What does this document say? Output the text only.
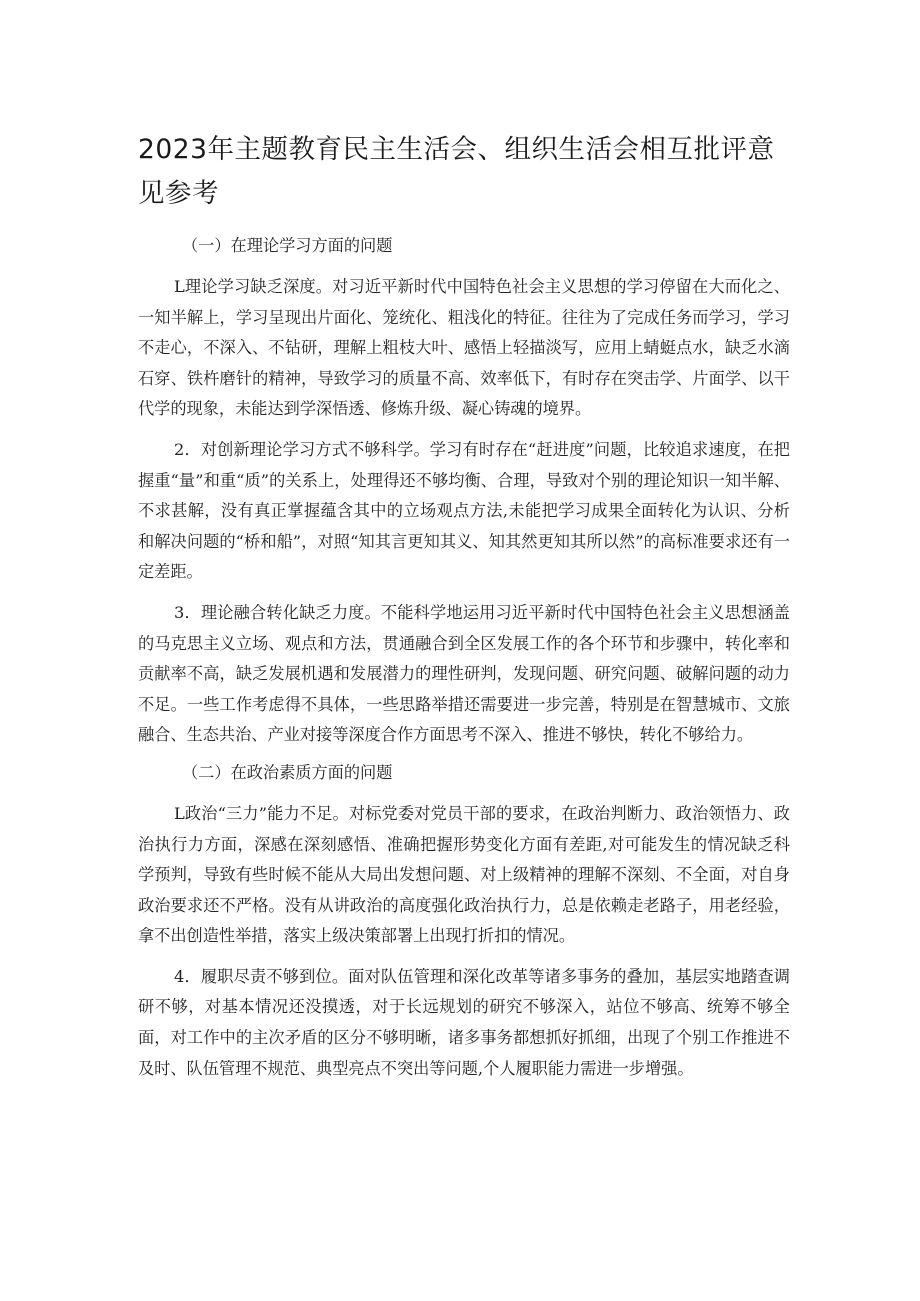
2023年主题教育民主生活会、组织生活会相互批评意见参考
（一）在理论学习方面的问题

L理论学习缺乏深度。对习近平新时代中国特色社会主义思想的学习停留在大而化之、一知半解上，学习呈现出片面化、笼统化、粗浅化的特征。往往为了完成任务而学习，学习不走心，不深入、不钻研，理解上粗枝大叶、感悟上轻描淡写，应用上蜻蜓点水，缺乏水滴石穿、铁杵磨针的精神，导致学习的质量不高、效率低下，有时存在突击学、片面学、以干代学的现象，未能达到学深悟透、修炼升级、凝心铸魂的境界。

2．对创新理论学习方式不够科学。学习有时存在“赶进度”问题，比较追求速度，在把握重“量”和重“质”的关系上，处理得还不够均衡、合理，导致对个别的理论知识一知半解、不求甚解，没有真正掌握蕴含其中的立场观点方法,未能把学习成果全面转化为认识、分析和解决问题的“桥和船”，对照“知其言更知其义、知其然更知其所以然”的高标准要求还有一定差距。

3．理论融合转化缺乏力度。不能科学地运用习近平新时代中国特色社会主义思想涵盖的马克思主义立场、观点和方法，贯通融合到全区发展工作的各个环节和步骤中，转化率和贡献率不高，缺乏发展机遇和发展潜力的理性研判，发现问题、研究问题、破解问题的动力不足。一些工作考虑得不具体，一些思路举措还需要进一步完善，特别是在智慧城市、文旅融合、生态共治、产业对接等深度合作方面思考不深入、推进不够快，转化不够给力。

（二）在政治素质方面的问题

L政治“三力”能力不足。对标党委对党员干部的要求，在政治判断力、政治领悟力、政治执行力方面，深感在深刻感悟、准确把握形势变化方面有差距,对可能发生的情况缺乏科学预判，导致有些时候不能从大局出发想问题、对上级精神的理解不深刻、不全面，对自身政治要求还不严格。没有从讲政治的高度强化政治执行力，总是依赖走老路子，用老经验，拿不出创造性举措，落实上级决策部署上出现打折扣的情况。

4．履职尽责不够到位。面对队伍管理和深化改革等诸多事务的叠加，基层实地踏查调研不够，对基本情况还没摸透，对于长远规划的研究不够深入，站位不够高、统筹不够全面，对工作中的主次矛盾的区分不够明晰，诸多事务都想抓好抓细，出现了个别工作推进不及时、队伍管理不规范、典型亮点不突出等问题,个人履职能力需进一步增强。
